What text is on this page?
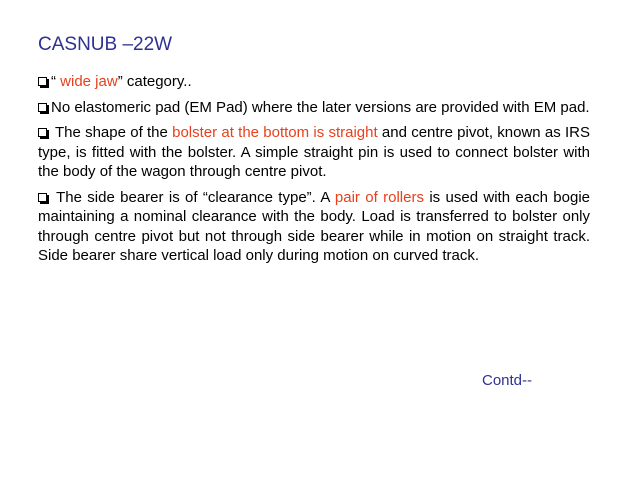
CASNUB –22W

“ wide jaw” category..

No elastomeric pad (EM Pad) where the later versions are provided with EM pad.

The shape of the bolster at the bottom is straight and centre pivot, known as IRS type, is fitted with the bolster. A simple straight pin is used to connect bolster with the body of the wagon through centre pivot.

The side bearer is of “clearance type”. A pair of rollers is used with each bogie maintaining a nominal clearance with the body. Load is transferred to bolster only through centre pivot but not through side bearer while in motion on straight track. Side bearer share vertical load only during motion on curved track.

Contd--
